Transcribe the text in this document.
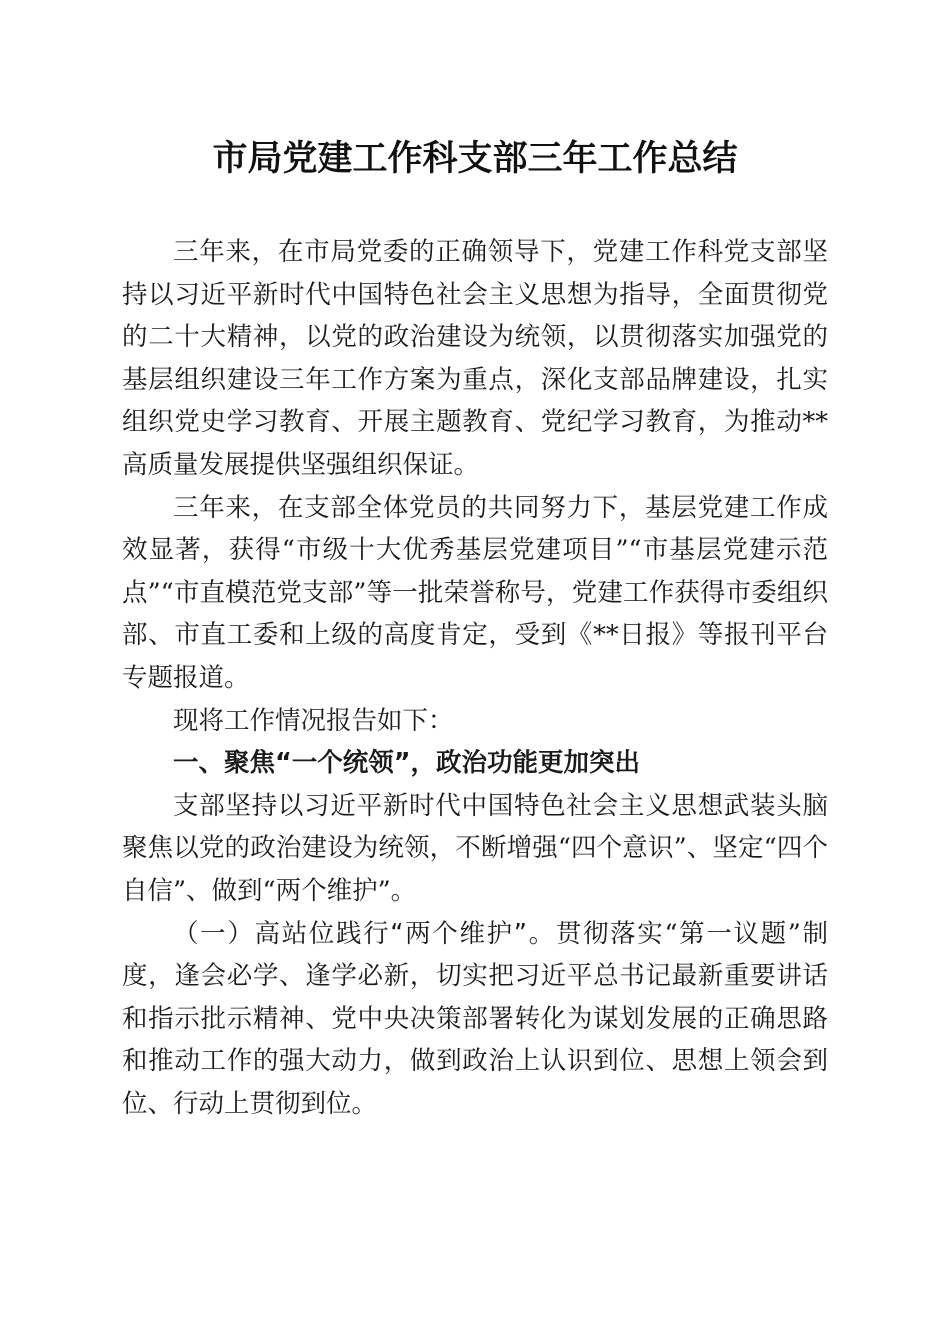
市局党建工作科支部三年工作总结

三年来，在市局党委的正确领导下，党建工作科党支部坚持以习近平新时代中国特色社会主义思想为指导，全面贯彻党的二十大精神，以党的政治建设为统领，以贯彻落实加强党的基层组织建设三年工作方案为重点，深化支部品牌建设，扎实组织党史学习教育、开展主题教育、党纪学习教育，为推动**高质量发展提供坚强组织保证。

三年来，在支部全体党员的共同努力下，基层党建工作成效显著，获得“市级十大优秀基层党建项目”“市基层党建示范点”“市直模范党支部”等一批荣誉称号，党建工作获得市委组织部、市直工委和上级的高度肯定，受到《**日报》等报刊平台专题报道。

现将工作情况报告如下：

一、聚焦“一个统领”，政治功能更加突出

支部坚持以习近平新时代中国特色社会主义思想武装头脑聚焦以党的政治建设为统领，不断增强“四个意识”、坚定“四个自信”、做到“两个维护”。

（一）高站位践行“两个维护”。贯彻落实“第一议题”制度，逢会必学、逢学必新，切实把习近平总书记最新重要讲话和指示批示精神、党中央决策部署转化为谋划发展的正确思路和推动工作的强大动力，做到政治上认识到位、思想上领会到位、行动上贯彻到位。
